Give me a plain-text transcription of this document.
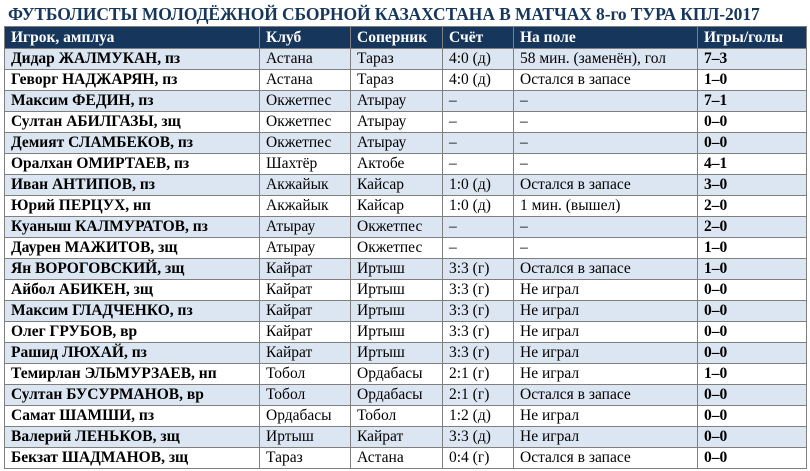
ФУТБОЛИСТЫ МОЛОДЁЖНОЙ СБОРНОЙ КАЗАХСТАНА В МАТЧАХ 8-го ТУРА КПЛ-2017
Игрок, амплуа	Клуб	Соперник	Счёт	На поле	Игры/голы
Дидар ЖАЛМУКАН, пз	Астана	Тараз	4:0 (д)	58 мин. (заменён), гол	7–3
Геворг НАДЖАРЯН, пз	Астана	Тараз	4:0 (д)	Остался в запасе	1–0
Максим ФЕДИН, пз	Окжетпес	Атырау	–	–	7–1
Султан АБИЛГАЗЫ, зщ	Окжетпес	Атырау	–	–	0–0
Демият СЛАМБЕКОВ, пз	Окжетпес	Атырау	–	–	0–0
Оралхан ОМИРТАЕВ, пз	Шахтёр	Актобе	–	–	4–1
Иван АНТИПОВ, пз	Акжайык	Кайсар	1:0 (д)	Остался в запасе	3–0
Юрий ПЕРЦУХ, нп	Акжайык	Кайсар	1:0 (д)	1 мин. (вышел)	2–0
Куаныш КАЛМУРАТОВ, пз	Атырау	Окжетпес	–	–	2–0
Даурен МАЖИТОВ, зщ	Атырау	Окжетпес	–	–	1–0
Ян ВОРОГОВСКИЙ, зщ	Кайрат	Иртыш	3:3 (г)	Остался в запасе	1–0
Айбол АБИКЕН, зщ	Кайрат	Иртыш	3:3 (г)	Не играл	0–0
Максим ГЛАДЧЕНКО, пз	Кайрат	Иртыш	3:3 (г)	Не играл	0–0
Олег ГРУБОВ, вр	Кайрат	Иртыш	3:3 (г)	Не играл	0–0
Рашид ЛЮХАЙ, пз	Кайрат	Иртыш	3:3 (г)	Не играл	0–0
Темирлан ЭЛЬМУРЗАЕВ, нп	Тобол	Ордабасы	2:1 (г)	Не играл	1–0
Султан БУСУРМАНОВ, вр	Тобол	Ордабасы	2:1 (г)	Остался в запасе	0–0
Самат ШАМШИ, пз	Ордабасы	Тобол	1:2 (д)	Не играл	0–0
Валерий ЛЕНЬКОВ, зщ	Иртыш	Кайрат	3:3 (д)	Не играл	0–0
Бекзат ШАДМАНОВ, зщ	Тараз	Астана	0:4 (г)	Остался в запасе	0–0
